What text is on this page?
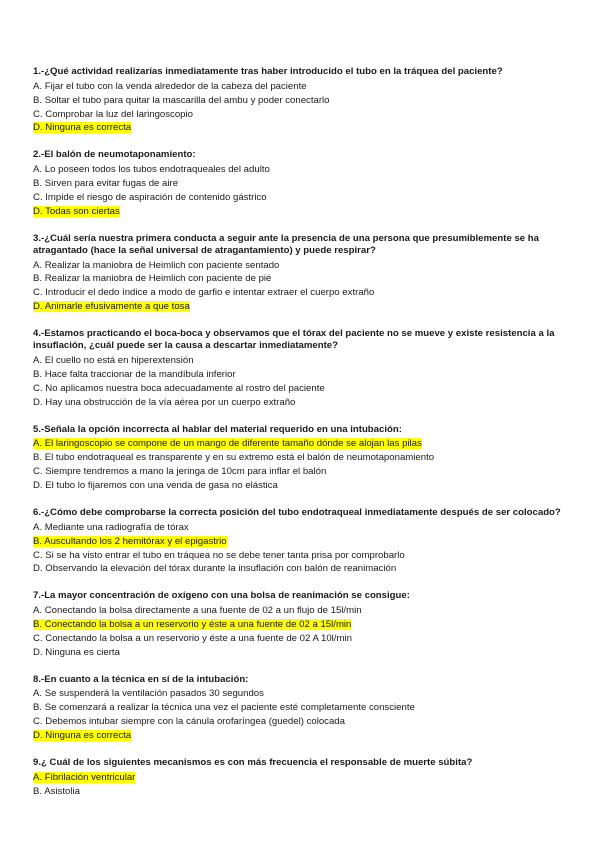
1.-¿Qué actividad realizarías inmediatamente tras haber introducido el tubo en la tráquea del paciente?
A. Fijar el tubo con la venda alrededor de la cabeza del paciente
B. Soltar el tubo para quitar la mascarilla del ambu y poder conectarlo
C. Comprobar la luz del laringoscopio
D. Ninguna es correcta
2.-El balón de neumotaponamiento:
A. Lo poseen todos los tubos endotraqueales del adulto
B. Sirven para evitar fugas de aire
C. Impide el riesgo de aspiración de contenido gástrico
D. Todas son ciertas
3.-¿Cuál sería nuestra primera conducta a seguir ante la presencia de una persona que presumiblemente se ha atragantado (hace la señal universal de atragantamiento) y puede respirar?
A. Realizar la maniobra de Heimlich con paciente sentado
B. Realizar la maniobra de Heimlich con paciente de pié
C. Introducir el dedo índice a modo de garfio e intentar extraer el cuerpo extraño
D. Animarle efusivamente a que tosa
4.-Estamos practicando el boca-boca y observamos que el tórax del paciente no se mueve y existe resistencia a la insuflación, ¿cuál puede ser la causa a descartar inmediatamente?
A. El cuello no está en hiperextensión
B. Hace falta traccionar de la mandíbula inferior
C. No aplicamos nuestra boca adecuadamente al rostro del paciente
D. Hay una obstrucción de la vía aérea por un cuerpo extraño
5.-Señala la opción incorrecta al hablar del material requerido en una intubación:
A. El laringoscopio se compone de un mango de diferente tamaño dónde se alojan las pilas
B. El tubo endotraqueal es transparente y en su extremo está el balón de neumotaponamiento
C. Siempre tendremos a mano la jeringa de 10cm para inflar el balón
D. El tubo lo fijaremos con una venda de gasa no elástica
6.-¿Cómo debe comprobarse la correcta posición del tubo endotraqueal inmediatamente después de ser colocado?
A. Mediante una radiografía de tórax
B. Auscultando los 2 hemitórax y el epigastrio
C. Si se ha visto entrar el tubo en tráquea no se debe tener tanta prisa por comprobarlo
D. Observando la elevación del tórax durante la insuflación con balón de reanimación
7.-La mayor concentración de oxígeno con una bolsa de reanimación se consigue:
A. Conectando la bolsa directamente a una fuente de 02 a un flujo de 15l/min
B. Conectando la bolsa a un reservorio y éste a una fuente de 02 a 15l/min
C. Conectando la bolsa a un reservorio y éste a una fuente de 02 A 10l/min
D. Ninguna es cierta
8.-En cuanto a la técnica en sí de la intubación:
A. Se suspenderá la ventilación pasados 30 segundos
B. Se comenzará a realizar la técnica una vez el paciente esté completamente consciente
C. Debemos intubar siempre con la cánula orofaríngea (guedel) colocada
D. Ninguna es correcta
9.¿ Cuál de los siguientes mecanismos es con más frecuencia el responsable de muerte súbita?
A. Fibrilación ventricular
B. Asistolia
